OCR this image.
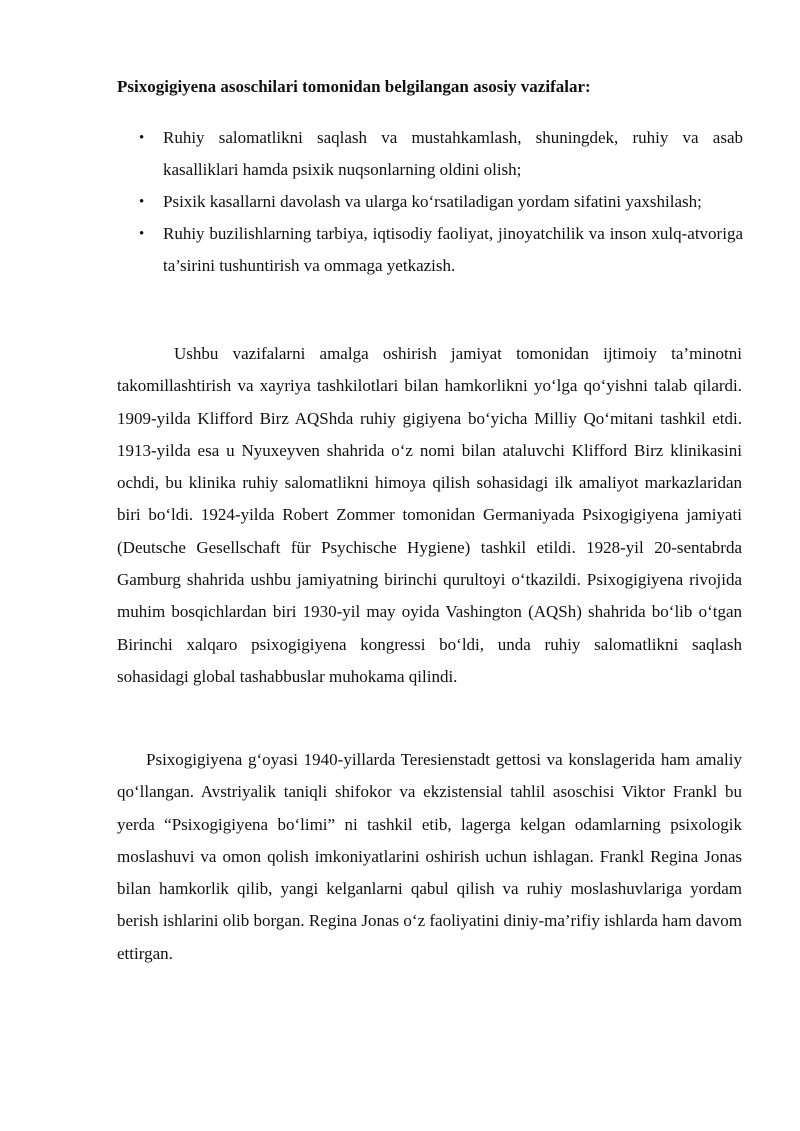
Psixogigiyena asoschilari tomonidan belgilangan asosiy vazifalar:
• Ruhiy salomatlikni saqlash va mustahkamlash, shuningdek, ruhiy va asab kasalliklari hamda psixik nuqsonlarning oldini olish;
• Psixik kasallarni davolash va ularga ko‘rsatiladigan yordam sifatini yaxshilash;
• Ruhiy buzilishlarning tarbiya, iqtisodiy faoliyat, jinoyatchilik va inson xulq-atvoriga ta’sirini tushuntirish va ommaga yetkazish.

Ushbu vazifalarni amalga oshirish jamiyat tomonidan ijtimoiy ta’minotni takomillashtirish va xayriya tashkilotlari bilan hamkorlikni yo‘lga qo‘yishni talab qilardi. 1909-yilda Klifford Birz AQShda ruhiy gigiyena bo‘yicha Milliy Qo‘mitani tashkil etdi. 1913-yilda esa u Nyuxeyven shahrida o‘z nomi bilan ataluvchi Klifford Birz klinikasini ochdi, bu klinika ruhiy salomatlikni himoya qilish sohasidagi ilk amaliyot markazlaridan biri bo‘ldi. 1924-yilda Robert Zommer tomonidan Germaniyada Psixogigiyena jamiyati (Deutsche Gesellschaft für Psychische Hygiene) tashkil etildi. 1928-yil 20-sentabrda Gamburg shahrida ushbu jamiyatning birinchi qurultoyi o‘tkazildi. Psixogigiyena rivojida muhim bosqichlardan biri 1930-yil may oyida Vashington (AQSh) shahrida bo‘lib o‘tgan Birinchi xalqaro psixogigiyena kongressi bo‘ldi, unda ruhiy salomatlikni saqlash sohasidagi global tashabbuslar muhokama qilindi.

Psixogigiyena g‘oyasi 1940-yillarda Teresienstadt gettosi va konslagerida ham amaliy qo‘llangan. Avstriyalik taniqli shifokor va ekzistensial tahlil asoschisi Viktor Frankl bu yerda “Psixogigiyena bo‘limi” ni tashkil etib, lagerga kelgan odamlarning psixologik moslashuvi va omon qolish imkoniyatlarini oshirish uchun ishlagan. Frankl Regina Jonas bilan hamkorlik qilib, yangi kelganlarni qabul qilish va ruhiy moslashuvlariga yordam berish ishlarini olib borgan. Regina Jonas o‘z faoliyatini diniy-ma’rifiy ishlarda ham davom ettirgan.
